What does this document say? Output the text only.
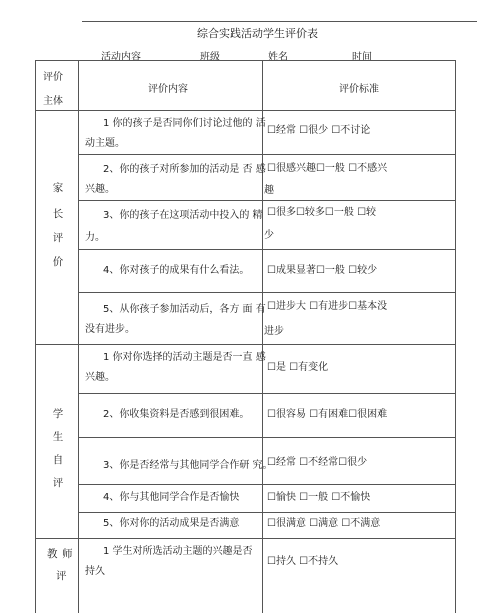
综合实践活动学生评价表
活动内容	班级	姓名	时间
评价
主体
评价内容	评价标准
家
长
评
价
1 你的孩子是否同你们讨论过他的 活
动主题。
☐经常 ☐很少 ☐不讨论
2、你的孩子对所参加的活动是 否 感
兴趣。
☐很感兴趣☐一般 ☐不感兴
趣
3、你的孩子在这项活动中投入的 精
力。
☐很多☐较多☐一般 ☐较
少
4、你对孩子的成果有什么看法。 ☐成果显著☐一般 ☐较少
5、从你孩子参加活动后，各方 面 有
没有进步。
☐进步大 ☐有进步☐基本没
进步
学
生
自
评
1 你对你选择的活动主题是否一直 感
兴趣。
☐是 ☐有变化
2、你收集资料是否感到很困难。 ☐很容易 ☐有困难☐很困难
3、你是否经常与其他同学合作研 究。
☐经常 ☐不经常☐很少
4、你与其他同学合作是否愉快	☐愉快 ☐一般 ☐不愉快
5、你对你的活动成果是否满意	☐很满意 ☐满意 ☐不满意
教 师
评
1 学生对所选活动主题的兴趣是否
持久
☐持久 ☐不持久
